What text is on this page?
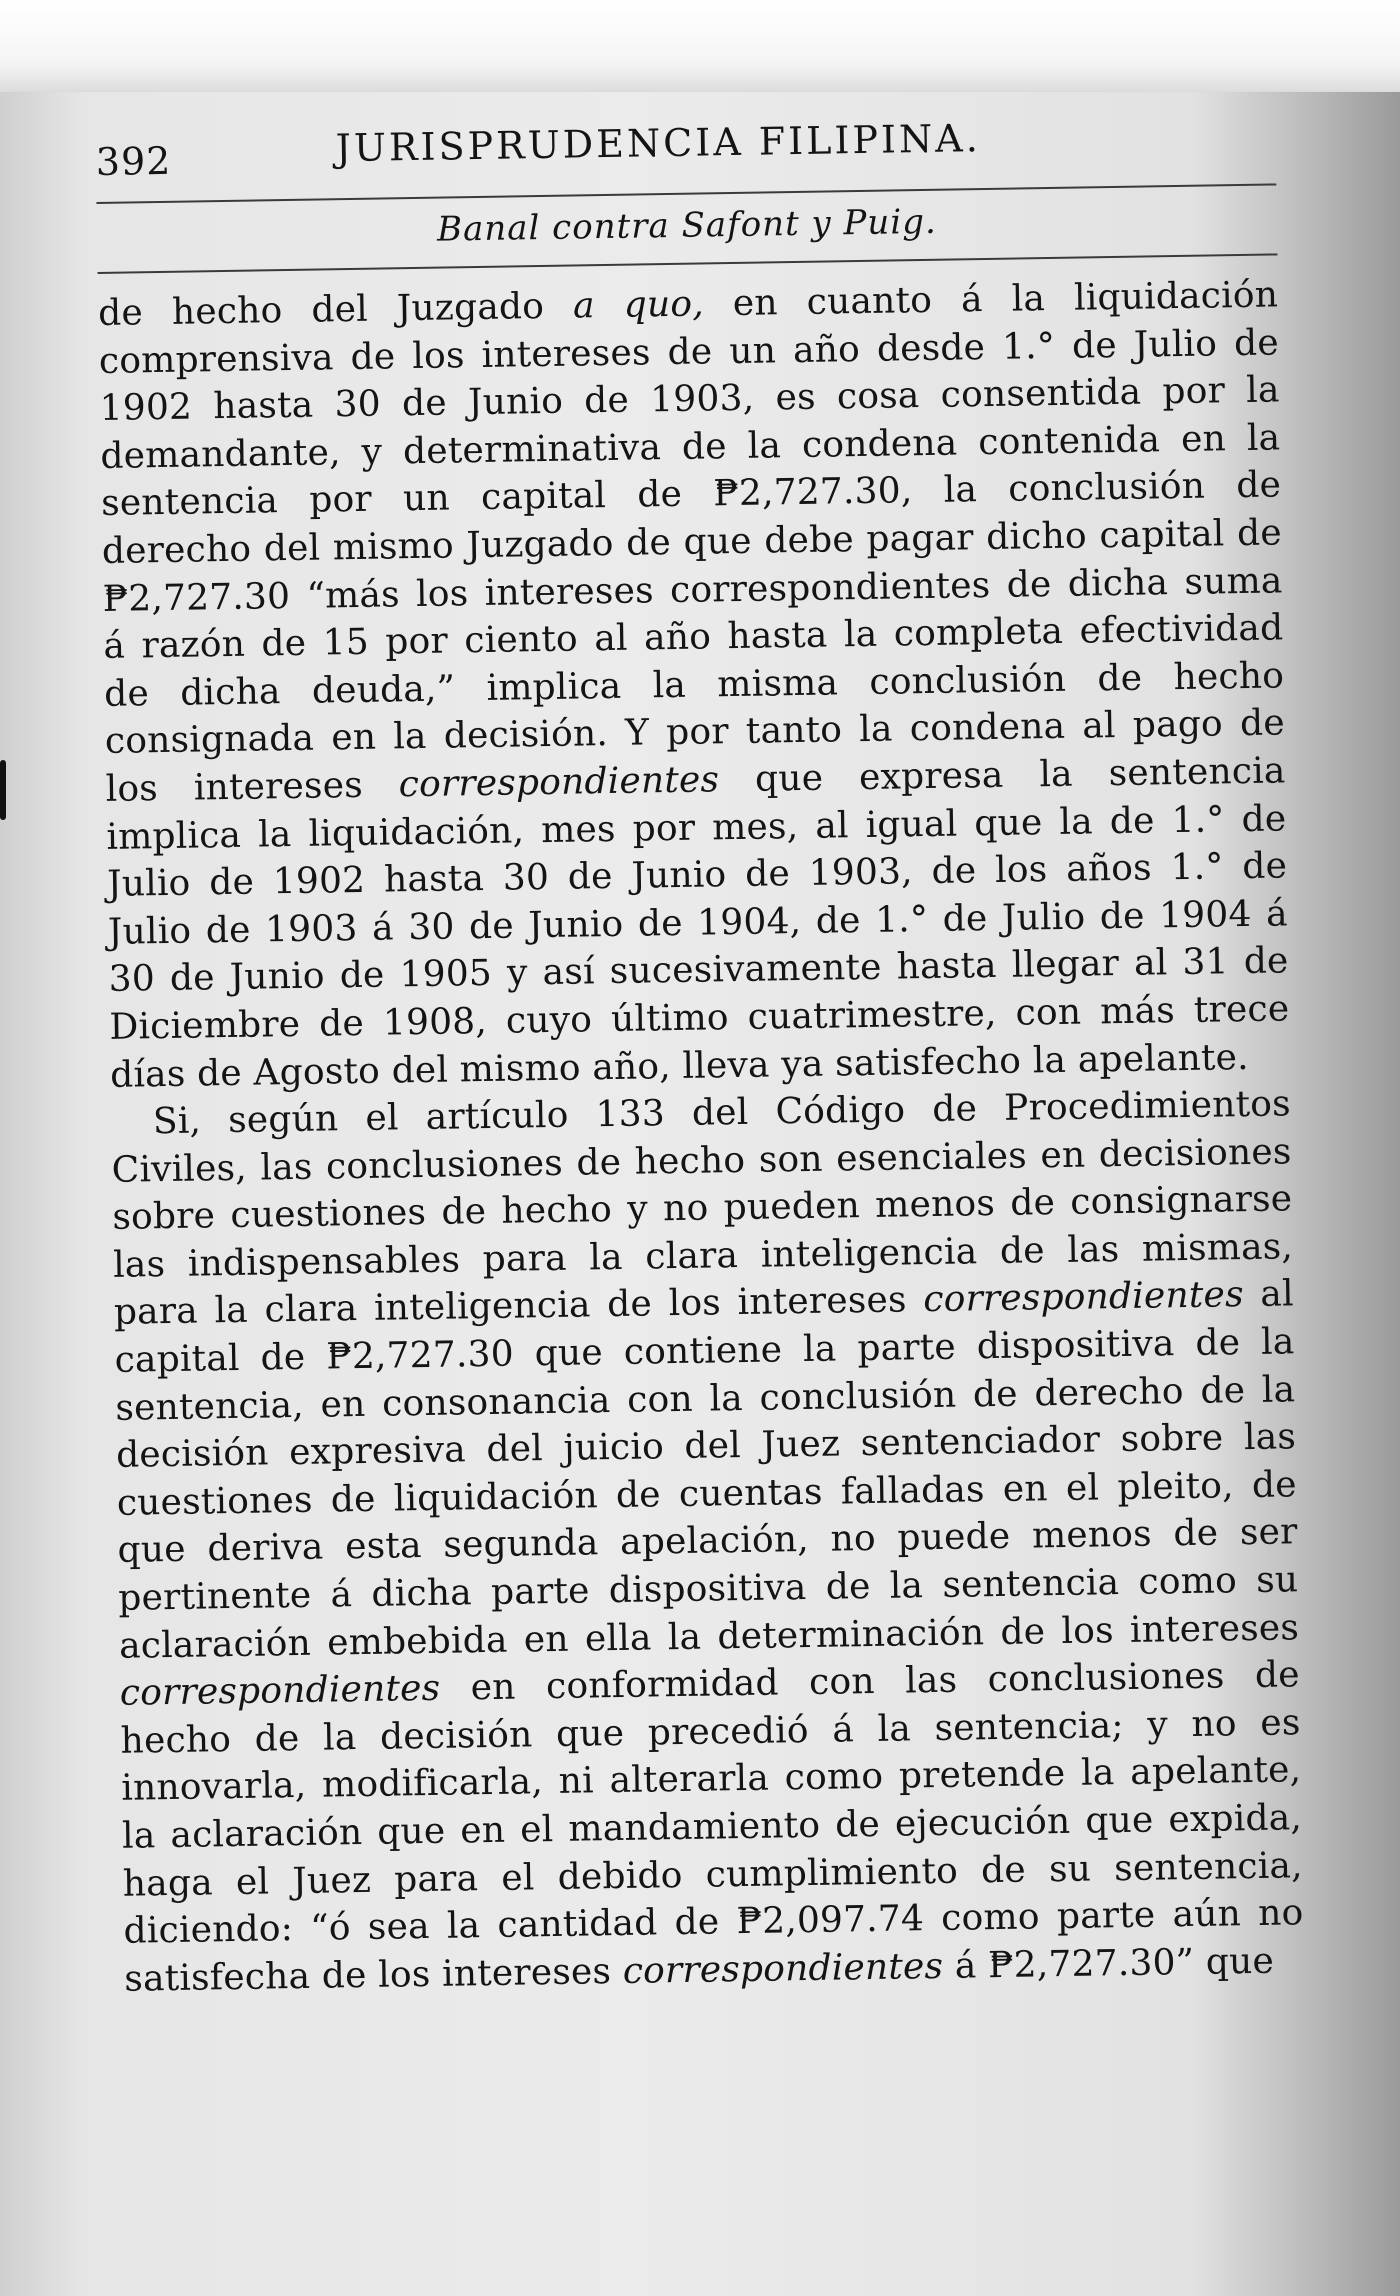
392	JURISPRUDENCIA FILIPINA.
Banal contra Safont y Puig.

de hecho del Juzgado a quo, en cuanto á la liquidación comprensiva de los intereses de un año desde 1.° de Julio de 1902 hasta 30 de Junio de 1903, es cosa consentida por la demandante, y determinativa de la condena contenida en la sentencia por un capital de ₱2,727.30, la conclusión de derecho del mismo Juzgado de que debe pagar dicho capital de ₱2,727.30 “más los intereses correspondientes de dicha suma á razón de 15 por ciento al año hasta la completa efectividad de dicha deuda,” implica la misma conclusión de hecho consignada en la decisión. Y por tanto la condena al pago de los intereses correspondientes que expresa la sentencia implica la liquidación, mes por mes, al igual que la de 1.° de Julio de 1902 hasta 30 de Junio de 1903, de los años 1.° de Julio de 1903 á 30 de Junio de 1904, de 1.° de Julio de 1904 á 30 de Junio de 1905 y así sucesivamente hasta llegar al 31 de Diciembre de 1908, cuyo último cuatrimestre, con más trece días de Agosto del mismo año, lleva ya satisfecho la apelante.

Si, según el artículo 133 del Código de Procedimientos Civiles, las conclusiones de hecho son esenciales en decisiones sobre cuestiones de hecho y no pueden menos de consignarse las indispensables para la clara inteligencia de las mismas, para la clara inteligencia de los intereses correspondientes al capital de ₱2,727.30 que contiene la parte dispositiva de la sentencia, en consonancia con la conclusión de derecho de la decisión expresiva del juicio del Juez sentenciador sobre las cuestiones de liquidación de cuentas falladas en el pleito, de que deriva esta segunda apelación, no puede menos de ser pertinente á dicha parte dispositiva de la sentencia como su aclaración embebida en ella la determinación de los intereses correspondientes en conformidad con las conclusiones de hecho de la decisión que precedió á la sentencia; y no es innovarla, modificarla, ni alterarla como pretende la apelante, la aclaración que en el mandamiento de ejecución que expida, haga el Juez para el debido cumplimiento de su sentencia, diciendo: “ó sea la cantidad de ₱2,097.74 como parte aún no satisfecha de los intereses correspondientes á ₱2,727.30” que
